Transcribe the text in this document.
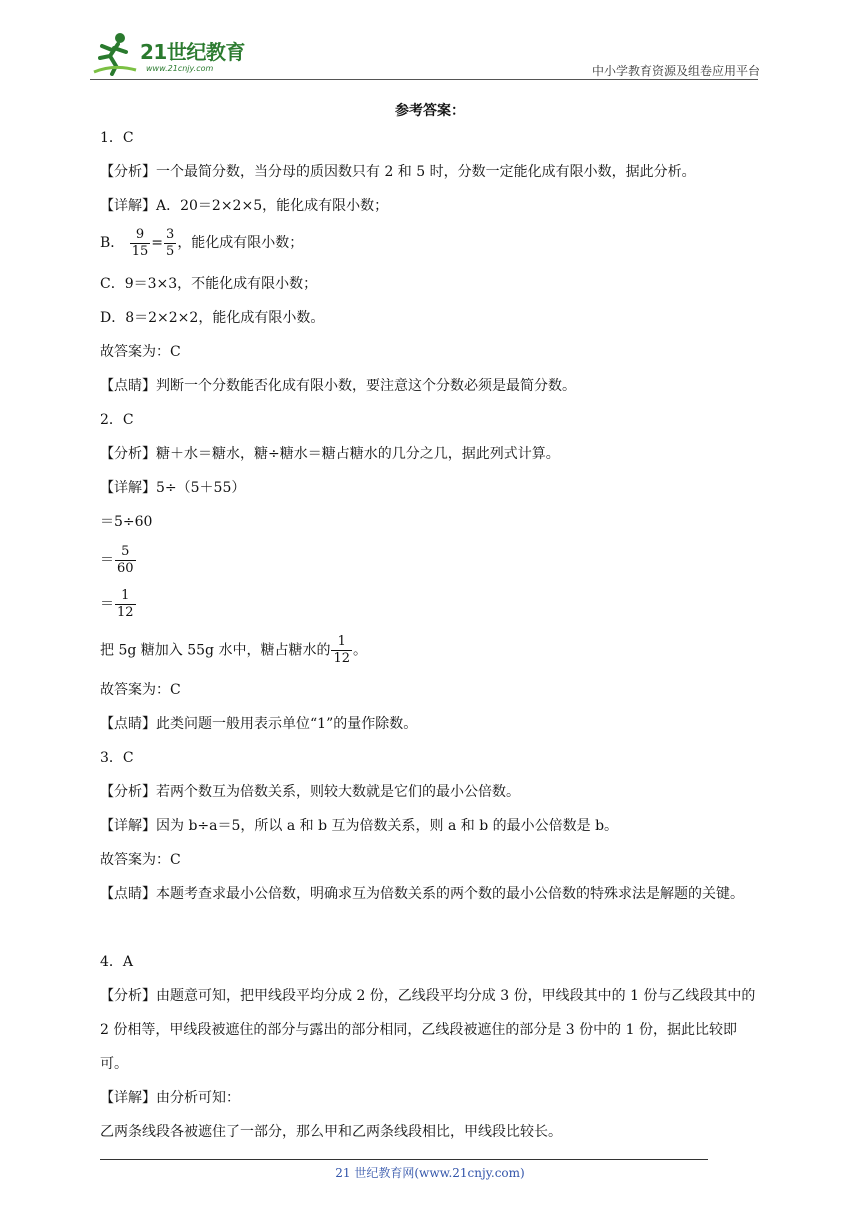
21世纪教育
www.21cnjy.com	中小学教育资源及组卷应用平台
参考答案：
1．C
【分析】一个最简分数，当分母的质因数只有 2 和 5 时，分数一定能化成有限小数，据此分析。
【详解】A．20＝2×2×5，能化成有限小数；
B． $\frac{9}{15} = \frac{3}{5}$ ，能化成有限小数；
C．9＝3×3，不能化成有限小数；
D．8＝2×2×2，能化成有限小数。
故答案为：C
【点睛】判断一个分数能否化成有限小数，要注意这个分数必须是最简分数。
2．C
【分析】糖＋水＝糖水，糖÷糖水＝糖占糖水的几分之几，据此列式计算。
【详解】5÷（5＋55）
＝5÷60
＝ $\frac{5}{60}$
＝ $\frac{1}{12}$
把 5g 糖加入 55g 水中，糖占糖水的 $\frac{1}{12}$ 。
故答案为：C
【点睛】此类问题一般用表示单位“1”的量作除数。
3．C
【分析】若两个数互为倍数关系，则较大数就是它们的最小公倍数。
【详解】因为 b÷a＝5，所以 a 和 b 互为倍数关系，则 a 和 b 的最小公倍数是 b。
故答案为：C
【点睛】本题考查求最小公倍数，明确求互为倍数关系的两个数的最小公倍数的特殊求法是解题的关键。
4．A
【分析】由题意可知，把甲线段平均分成 2 份，乙线段平均分成 3 份，甲线段其中的 1 份与乙线段其中的 2 份相等，甲线段被遮住的部分与露出的部分相同，乙线段被遮住的部分是 3 份中的 1 份，据此比较即可。
【详解】由分析可知：
乙两条线段各被遮住了一部分，那么甲和乙两条线段相比，甲线段比较长。
21 世纪教育网(www.21cnjy.com)
